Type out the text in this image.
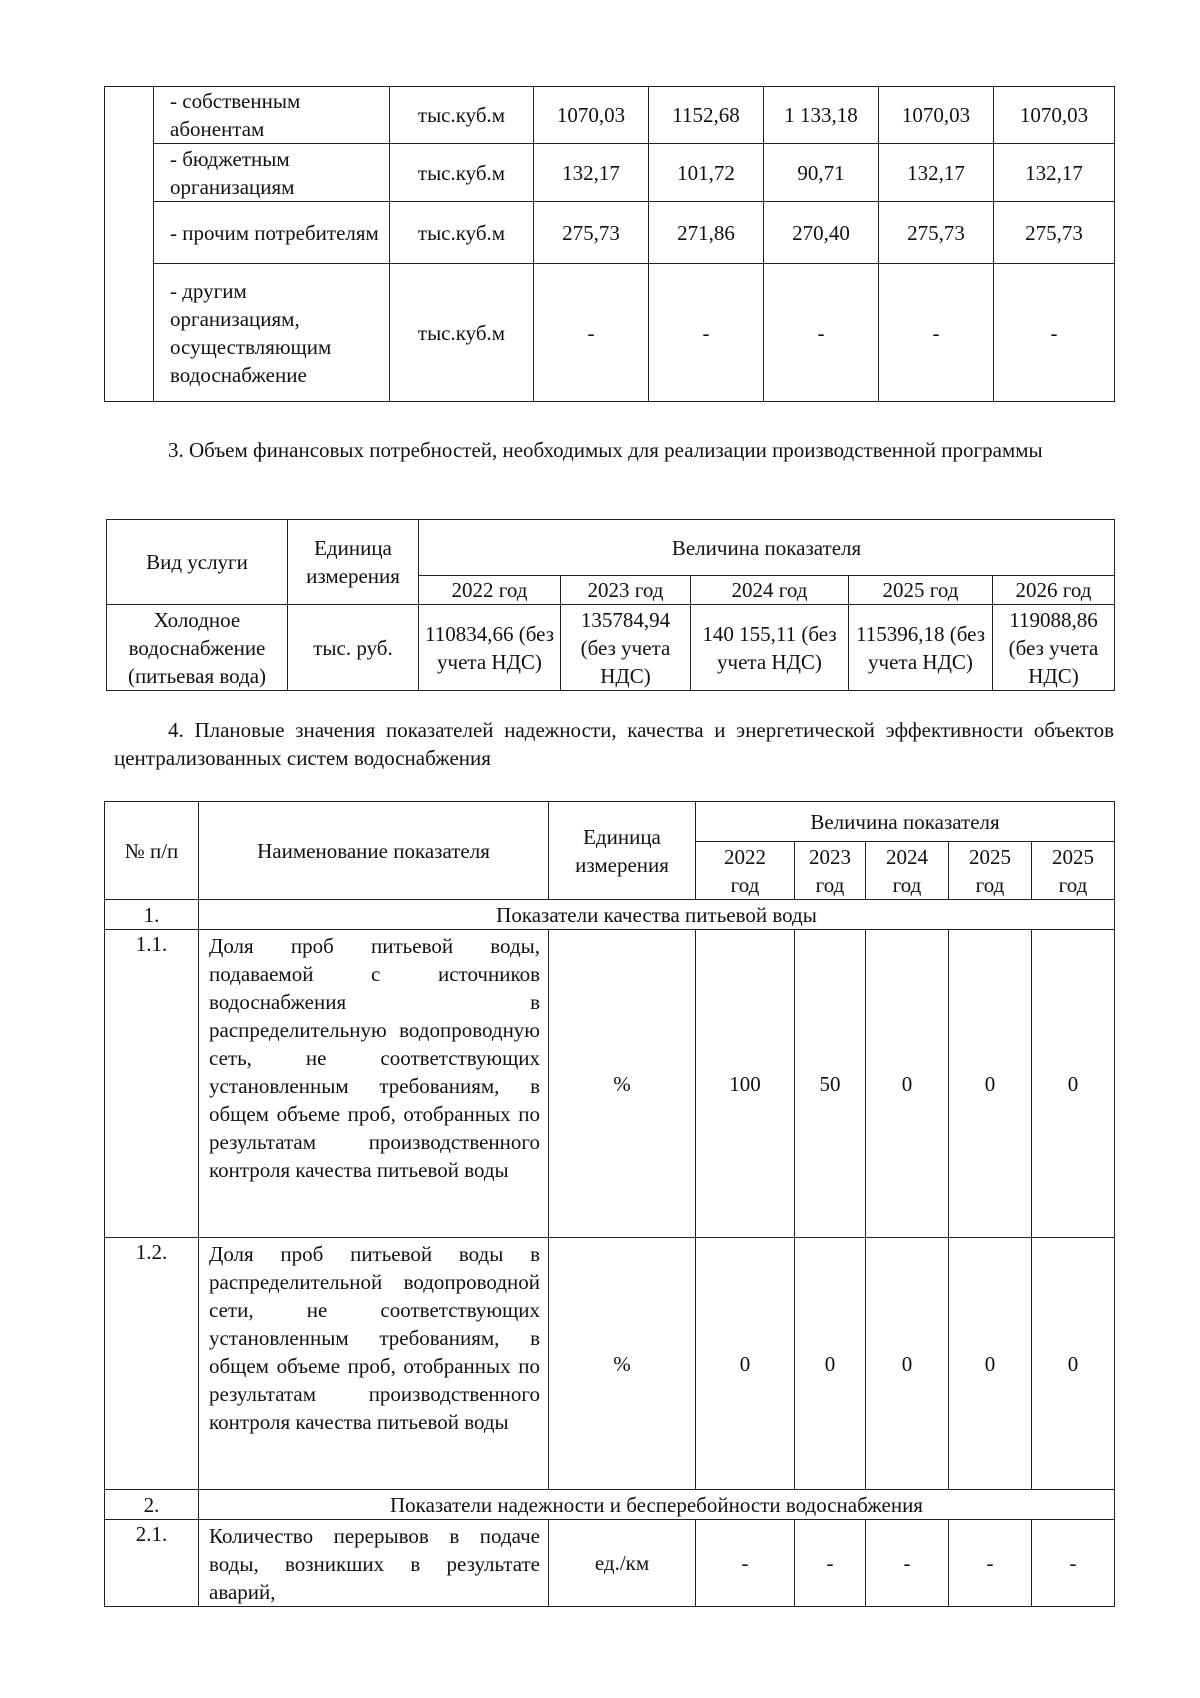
	- собственным абонентам	тыс.куб.м	1070,03	1152,68	1 133,18	1070,03	1070,03
	- бюджетным организациям	тыс.куб.м	132,17	101,72	90,71	132,17	132,17
	- прочим потребителям	тыс.куб.м	275,73	271,86	270,40	275,73	275,73
	- другим организациям, осуществляющим водоснабжение	тыс.куб.м	-	-	-	-	-
3. Объем финансовых потребностей, необходимых для реализации производственной программы
Вид услуги	Единица измерения	Величина показателя				
		2022 год	2023 год	2024 год	2025 год	2026 год
Холодное водоснабжение (питьевая вода)	тыс. руб.	110834,66 (без учета НДС)	135784,94 (без учета НДС)	140 155,11 (без учета НДС)	115396,18 (без учета НДС)	119088,86 (без учета НДС)
4. Плановые значения показателей надежности, качества и энергетической эффективности объектов централизованных систем водоснабжения
№ п/п	Наименование показателя	Единица измерения	Величина показателя				
			2022 год	2023 год	2024 год	2025 год	2025 год
1.	Показатели качества питьевой воды						
1.1.	Доля проб питьевой воды, подаваемой с источников водоснабжения в распределительную водопроводную сеть, не соответствующих установленным требованиям, в общем объеме проб, отобранных по результатам производственного контроля качества питьевой воды	%	100	50	0	0	0
1.2.	Доля проб питьевой воды в распределительной водопроводной сети, не соответствующих установленным требованиям, в общем объеме проб, отобранных по результатам производственного контроля качества питьевой воды	%	0	0	0	0	0
2.	Показатели надежности и бесперебойности водоснабжения						
2.1.	Количество перерывов в подаче воды, возникших в результате аварий,	ед./км	-	-	-	-	-
